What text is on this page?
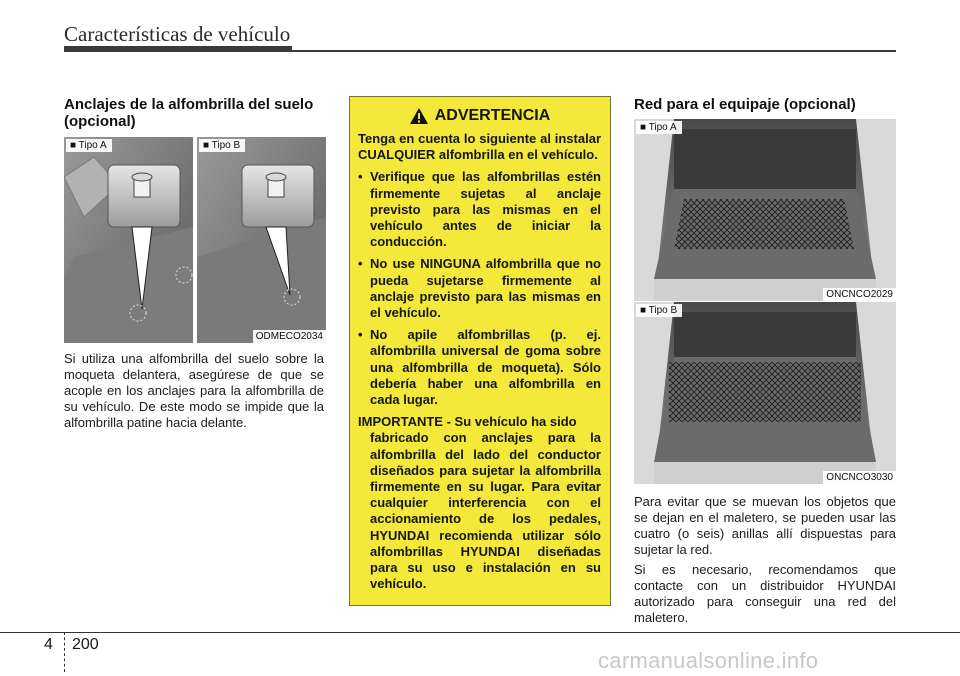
Características de vehículo
Anclajes de la alfombrilla del suelo (opcional)
■ Tipo A	■ Tipo B
ODMECO2034
Si utiliza una alfombrilla del suelo sobre la moqueta delantera, asegúrese de que se acople en los anclajes para la alfombrilla de su vehículo. De este modo se impide que la alfombrilla patine hacia delante.
ADVERTENCIA

Tenga en cuenta lo siguiente al instalar CUALQUIER alfombrilla en el vehículo.

• Verifique que las alfombrillas estén firmemente sujetas al anclaje previsto para las mismas en el vehículo antes de iniciar la conducción.
• No use NINGUNA alfombrilla que no pueda sujetarse firmemente al anclaje previsto para las mismas en el vehículo.
• No apile alfombrillas (p. ej. alfombrilla universal de goma sobre una alfombrilla de moqueta). Sólo debería haber una alfombrilla en cada lugar.
IMPORTANTE - Su vehículo ha sido
fabricado con anclajes para la alfombrilla del lado del conductor diseñados para sujetar la alfombrilla firmemente en su lugar. Para evitar cualquier interferencia con el accionamiento de los pedales, HYUNDAI recomienda utilizar sólo alfombrillas HYUNDAI diseñadas para su uso e instalación en su vehículo.
Red para el equipaje (opcional)
■ Tipo A
ONCNCO2029
■ Tipo B
ONCNCO3030
Para evitar que se muevan los objetos que se dejan en el maletero, se pueden usar las cuatro (o seis) anillas allí dispuestas para sujetar la red.
Si es necesario, recomendamos que contacte con un distribuidor HYUNDAI autorizado para conseguir una red del maletero.
4 200
carmanualsonline.info
